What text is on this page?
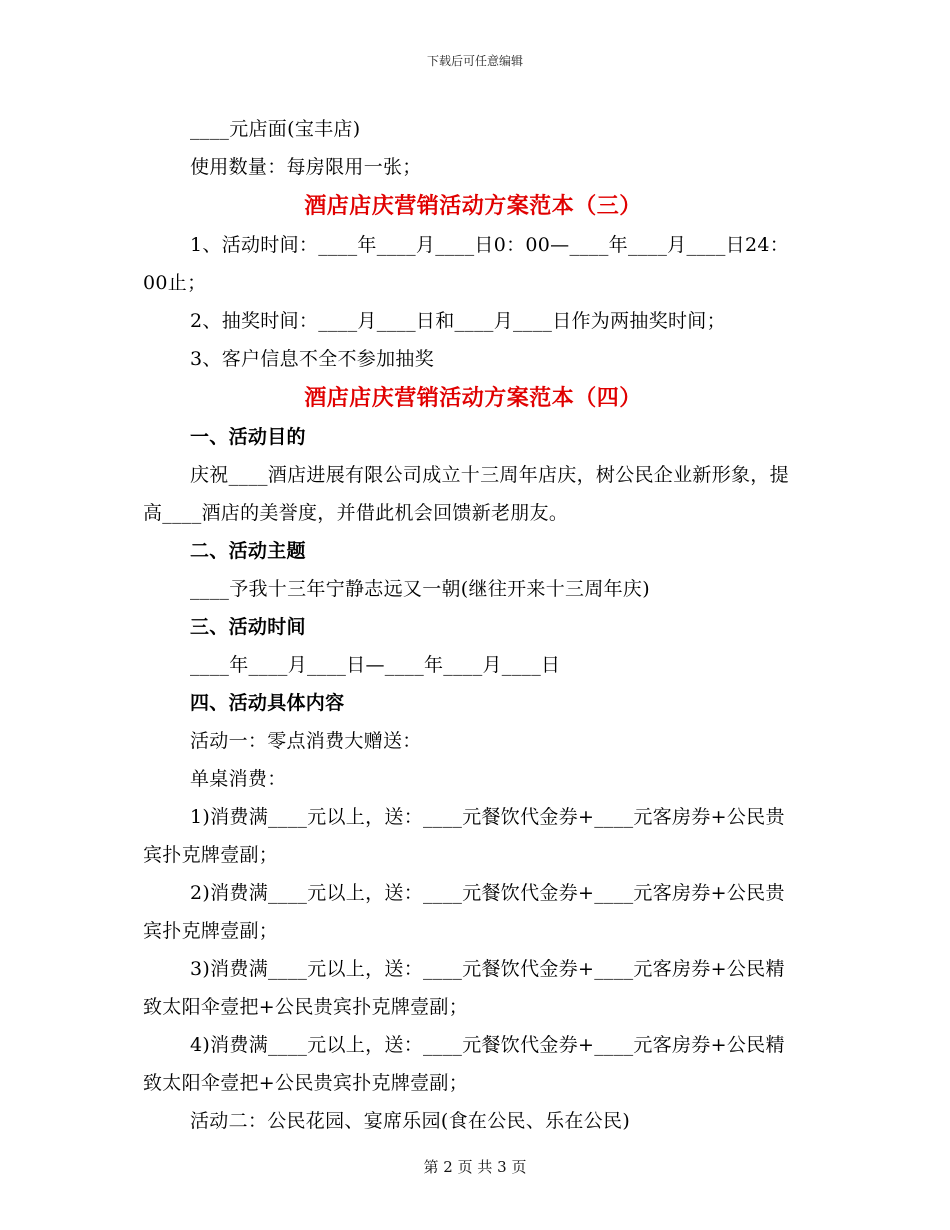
下载后可任意编辑

____元店面(宝丰店)

使用数量：每房限用一张；

酒店店庆营销活动方案范本（三）

1、活动时间：____年____月____日0：00—____年____月____日24：00止；

2、抽奖时间：____月____日和____月____日作为两抽奖时间；

3、客户信息不全不参加抽奖

酒店店庆营销活动方案范本（四）

一、活动目的

庆祝____酒店进展有限公司成立十三周年店庆，树公民企业新形象，提高____酒店的美誉度，并借此机会回馈新老朋友。

二、活动主题

____予我十三年宁静志远又一朝(继往开来十三周年庆)

三、活动时间

____年____月____日—____年____月____日

四、活动具体内容

活动一：零点消费大赠送：

单桌消费：

1)消费满____元以上，送：____元餐饮代金券+____元客房券+公民贵宾扑克牌壹副；

2)消费满____元以上，送：____元餐饮代金券+____元客房券+公民贵宾扑克牌壹副；

3)消费满____元以上，送：____元餐饮代金券+____元客房券+公民精致太阳伞壹把+公民贵宾扑克牌壹副；

4)消费满____元以上，送：____元餐饮代金券+____元客房券+公民精致太阳伞壹把+公民贵宾扑克牌壹副；

活动二：公民花园、宴席乐园(食在公民、乐在公民)

第 2 页 共 3 页
